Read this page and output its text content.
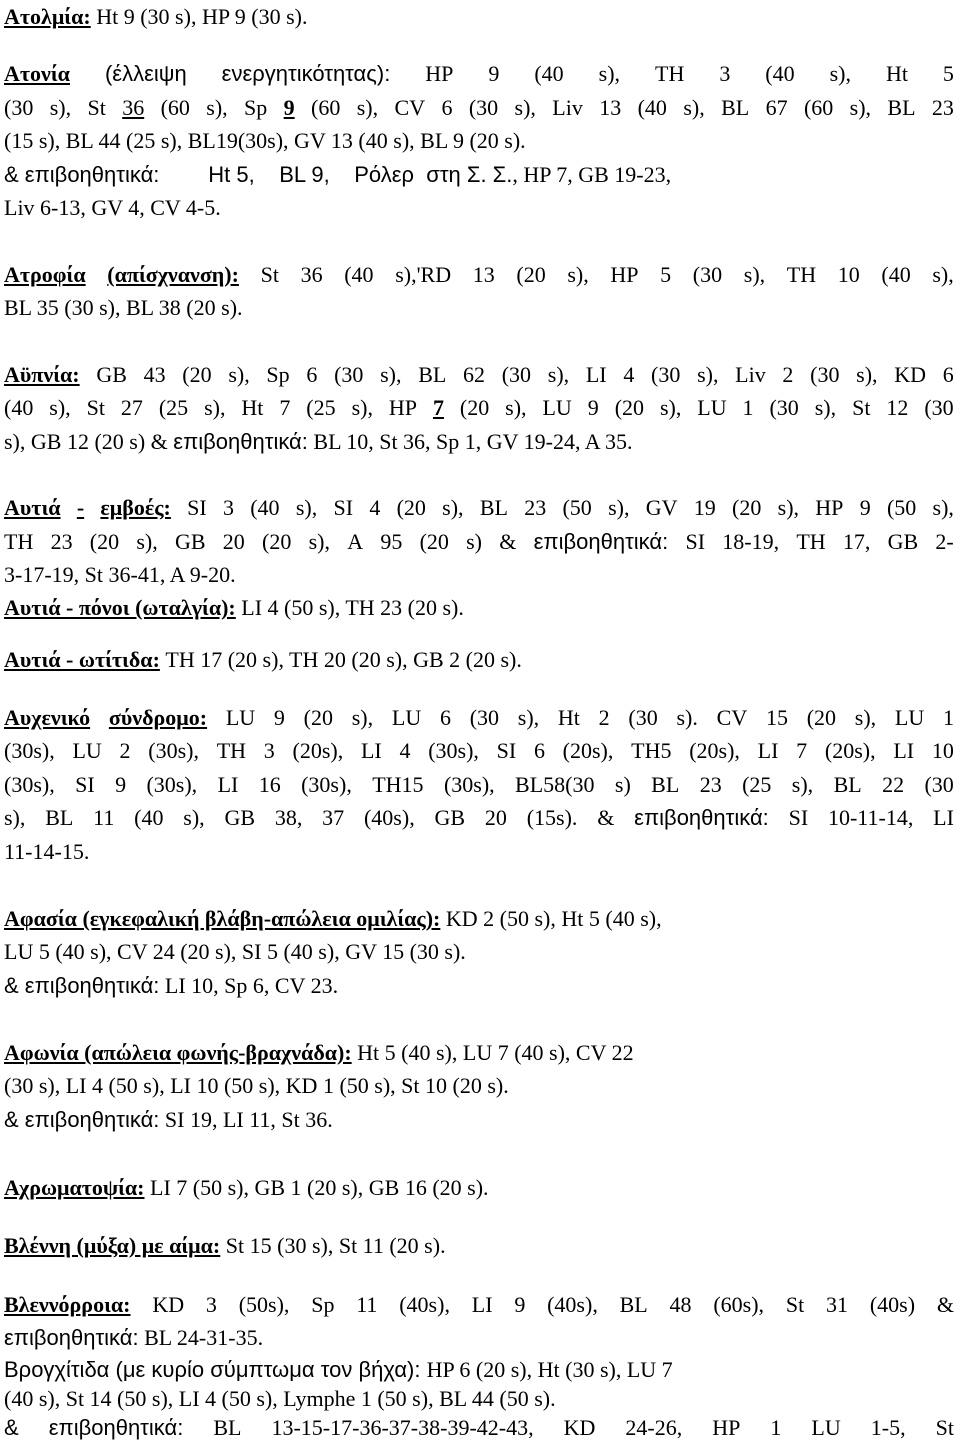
Ατολμία: Ht 9 (30 s), HP 9 (30 s).
Ατονία (έλλειψη ενεργητικότητας): HP 9 (40 s), TH 3 (40 s), Ht 5
(30 s), St 36 (60 s), Sp 9 (60 s), CV 6 (30 s), Liv 13 (40 s), BL 67 (60 s), BL 23
(15 s), BL 44 (25 s), BL19(30s), GV 13 (40 s), BL 9 (20 s).
& επιβοηθητικά:        Ht 5,    BL 9,    Ρόλερ  στη Σ. Σ., HP 7, GB 19-23,
Liv 6-13, GV 4, CV 4-5.
Ατροφία (απίσχνανση): St 36 (40 s),'RD 13 (20 s), HP 5 (30 s), TH 10 (40 s),
BL 35 (30 s), BL 38 (20 s).
Αϋπνία: GB 43 (20 s), Sp 6 (30 s), BL 62 (30 s), LI 4 (30 s), Liv 2 (30 s), KD 6
(40 s), St 27 (25 s), Ht 7 (25 s), HP 7 (20 s), LU 9 (20 s), LU 1 (30 s), St 12 (30
s), GB 12 (20 s) & επιβοηθητικά: BL 10, St 36, Sp 1, GV 19-24, A 35.
Αυτιά - εμβοές: SI 3 (40 s), SI 4 (20 s), BL 23 (50 s), GV 19 (20 s), HP 9 (50 s),
TH 23 (20 s), GB 20 (20 s), A 95 (20 s) & επιβοηθητικά: SI 18-19, TH 17, GB 2-
3-17-19, St 36-41, A 9-20.
Αυτιά - πόνοι (ωταλγία): LI 4 (50 s), TH 23 (20 s).
Αυτιά - ωτίτιδα: TH 17 (20 s), TH 20 (20 s), GB 2 (20 s).
Αυχενικό σύνδρομο: LU 9 (20 s), LU 6 (30 s), Ht 2 (30 s). CV 15 (20 s), LU 1
(30s), LU 2 (30s), TH 3 (20s), LI 4 (30s), SI 6 (20s), TH5 (20s), LI 7 (20s), LI 10
(30s), SI 9 (30s), LI 16 (30s), TH15 (30s), BL58(30 s) BL 23 (25 s), BL 22 (30
s), BL 11 (40 s), GB 38, 37 (40s), GB 20 (15s). & επιβοηθητικά: SI 10-11-14, LI
11-14-15.
Αφασία (εγκεφαλική βλάβη-απώλεια ομιλίας): KD 2 (50 s), Ht 5 (40 s),
LU 5 (40 s), CV 24 (20 s), SI 5 (40 s), GV 15 (30 s).
& επιβοηθητικά: LI 10, Sp 6, CV 23.
Αφωνία (απώλεια φωνής-βραχνάδα): Ht 5 (40 s), LU 7 (40 s), CV 22
(30 s), LI 4 (50 s), LI 10 (50 s), KD 1 (50 s), St 10 (20 s).
& επιβοηθητικά: SI 19, LI 11, St 36.
Αχρωματοψία: LI 7 (50 s), GB 1 (20 s), GB 16 (20 s).
Βλέννη (μύξα) με αίμα: St 15 (30 s), St 11 (20 s).
Βλεννόρροια: KD 3 (50s), Sp 11 (40s), LI 9 (40s), BL 48 (60s), St 31 (40s) &
επιβοηθητικά: BL 24-31-35.
Βρογχίτιδα (με κυρίο σύμπτωμα τον βήχα): HP 6 (20 s), Ht (30 s), LU 7
(40 s), St 14 (50 s), LI 4 (50 s), Lymphe 1 (50 s), BL 44 (50 s).
& επιβοηθητικά: BL 13-15-17-36-37-38-39-42-43, KD 24-26, HP 1 LU 1-5, St
